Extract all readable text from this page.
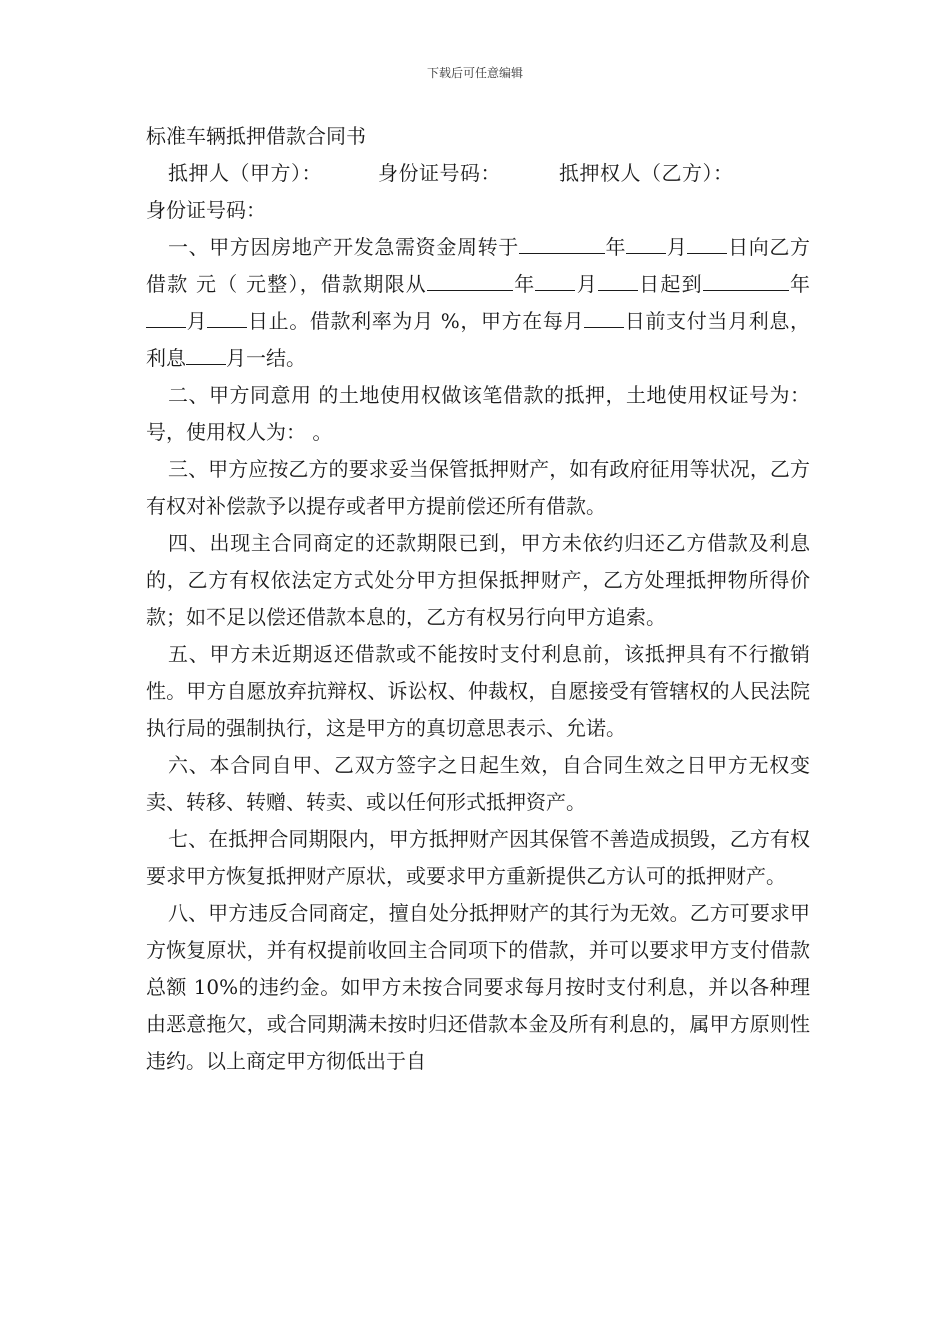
下载后可任意编辑
标准车辆抵押借款合同书

抵押人（甲方）：	身份证号码：	抵押权人（乙方）：

身份证号码：

一、甲方因房地产开发急需资金周转于	年 月 日向乙方借款 元（ 元整），借款期限从	年 月 日起到	年月 日止。借款利率为月 %，甲方在每月 日前支付当月利息，利息 月一结。

二、甲方同意用 的土地使用权做该笔借款的抵押，土地使用权证号为： 号，使用权人为： 。

三、甲方应按乙方的要求妥当保管抵押财产，如有政府征用等状况，乙方有权对补偿款予以提存或者甲方提前偿还所有借款。

四、出现主合同商定的还款期限已到，甲方未依约归还乙方借款及利息的，乙方有权依法定方式处分甲方担保抵押财产，乙方处理抵押物所得价款；如不足以偿还借款本息的，乙方有权另行向甲方追索。

五、甲方未近期返还借款或不能按时支付利息前，该抵押具有不行撤销性。甲方自愿放弃抗辩权、诉讼权、仲裁权，自愿接受有管辖权的人民法院执行局的强制执行，这是甲方的真切意思表示、允诺。

六、本合同自甲、乙双方签字之日起生效，自合同生效之日甲方无权变卖、转移、转赠、转卖、或以任何形式抵押资产。

七、在抵押合同期限内，甲方抵押财产因其保管不善造成损毁，乙方有权要求甲方恢复抵押财产原状，或要求甲方重新提供乙方认可的抵押财产。

八、甲方违反合同商定，擅自处分抵押财产的其行为无效。乙方可要求甲方恢复原状，并有权提前收回主合同项下的借款，并可以要求甲方支付借款总额 10%的违约金。如甲方未按合同要求每月按时支付利息，并以各种理由恶意拖欠，或合同期满未按时归还借款本金及所有利息的，属甲方原则性违约。以上商定甲方彻低出于自
